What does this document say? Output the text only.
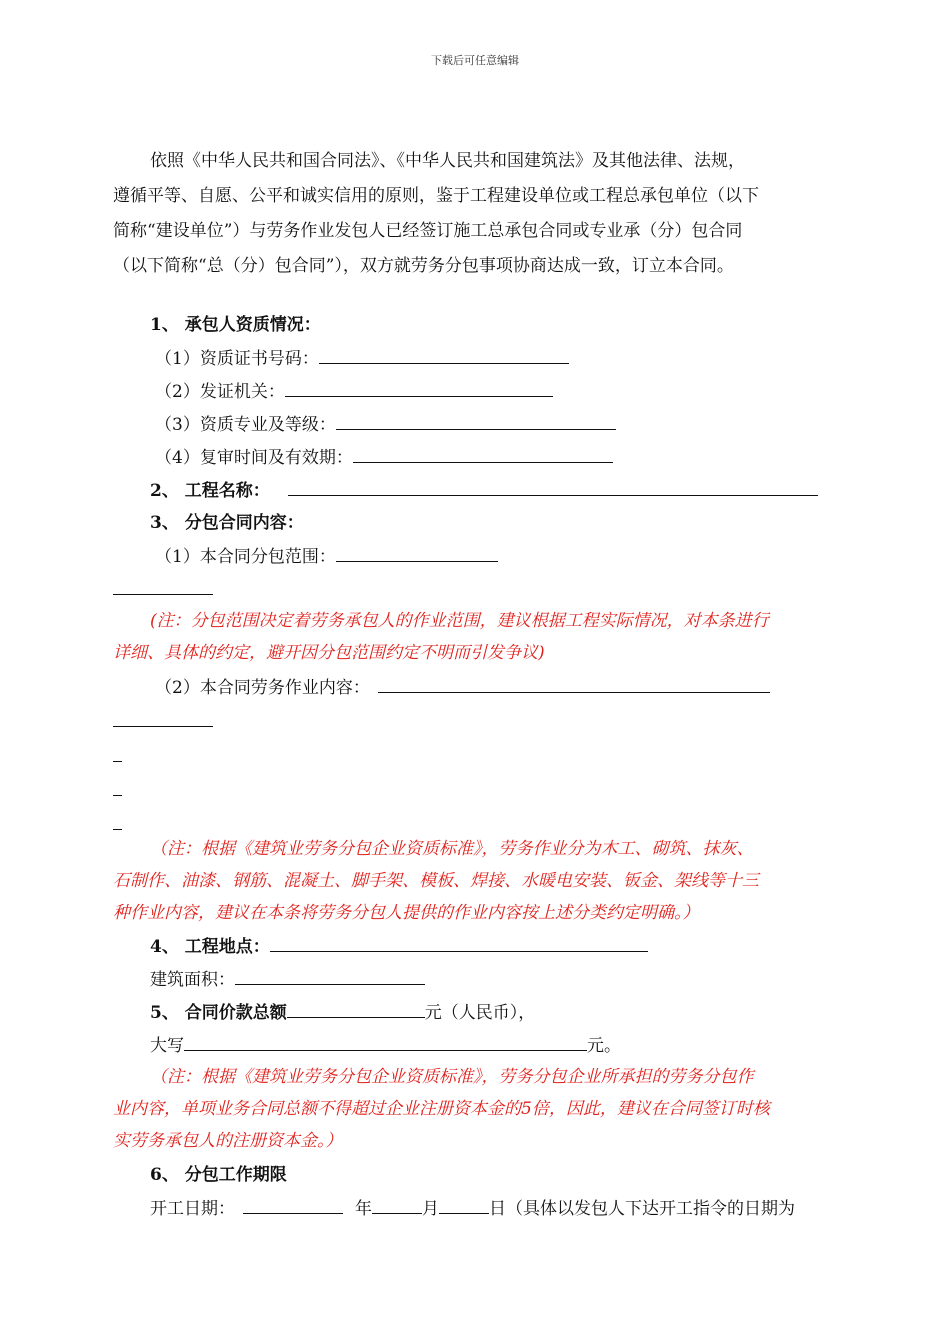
下载后可任意编辑
依照《中华人民共和国合同法》、《中华人民共和国建筑法》及其他法律、法规，
遵循平等、自愿、公平和诚实信用的原则，鉴于工程建设单位或工程总承包单位（以下
简称“建设单位”）与劳务作业发包人已经签订施工总承包合同或专业承（分）包合同
（以下简称“总（分）包合同”），双方就劳务分包事项协商达成一致，订立本合同。
1、 承包人资质情况：
（1）资质证书号码：
（2）发证机关：
（3）资质专业及等级：
（4）复审时间及有效期：
2、 工程名称：
3、 分包合同内容：
（1）本合同分包范围：
(注：分包范围决定着劳务承包人的作业范围，建议根据工程实际情况，对本条进行
详细、具体的约定，避开因分包范围约定不明而引发争议)
（2）本合同劳务作业内容：
（注：根据《建筑业劳务分包企业资质标准》，劳务作业分为木工、砌筑、抹灰、
石制作、油漆、钢筋、混凝土、脚手架、模板、焊接、水暖电安装、钣金、架线等十三
种作业内容，建议在本条将劳务分包人提供的作业内容按上述分类约定明确。）
4、 工程地点：
建筑面积：
5、 合同价款总额	元（人民币），
大写	元。
（注：根据《建筑业劳务分包企业资质标准》，劳务分包企业所承担的劳务分包作
业内容，单项业务合同总额不得超过企业注册资本金的5倍，因此，建议在合同签订时核
实劳务承包人的注册资本金。）
6、 分包工作期限
开工日期：	年	月	日（具体以发包人下达开工指令的日期为
